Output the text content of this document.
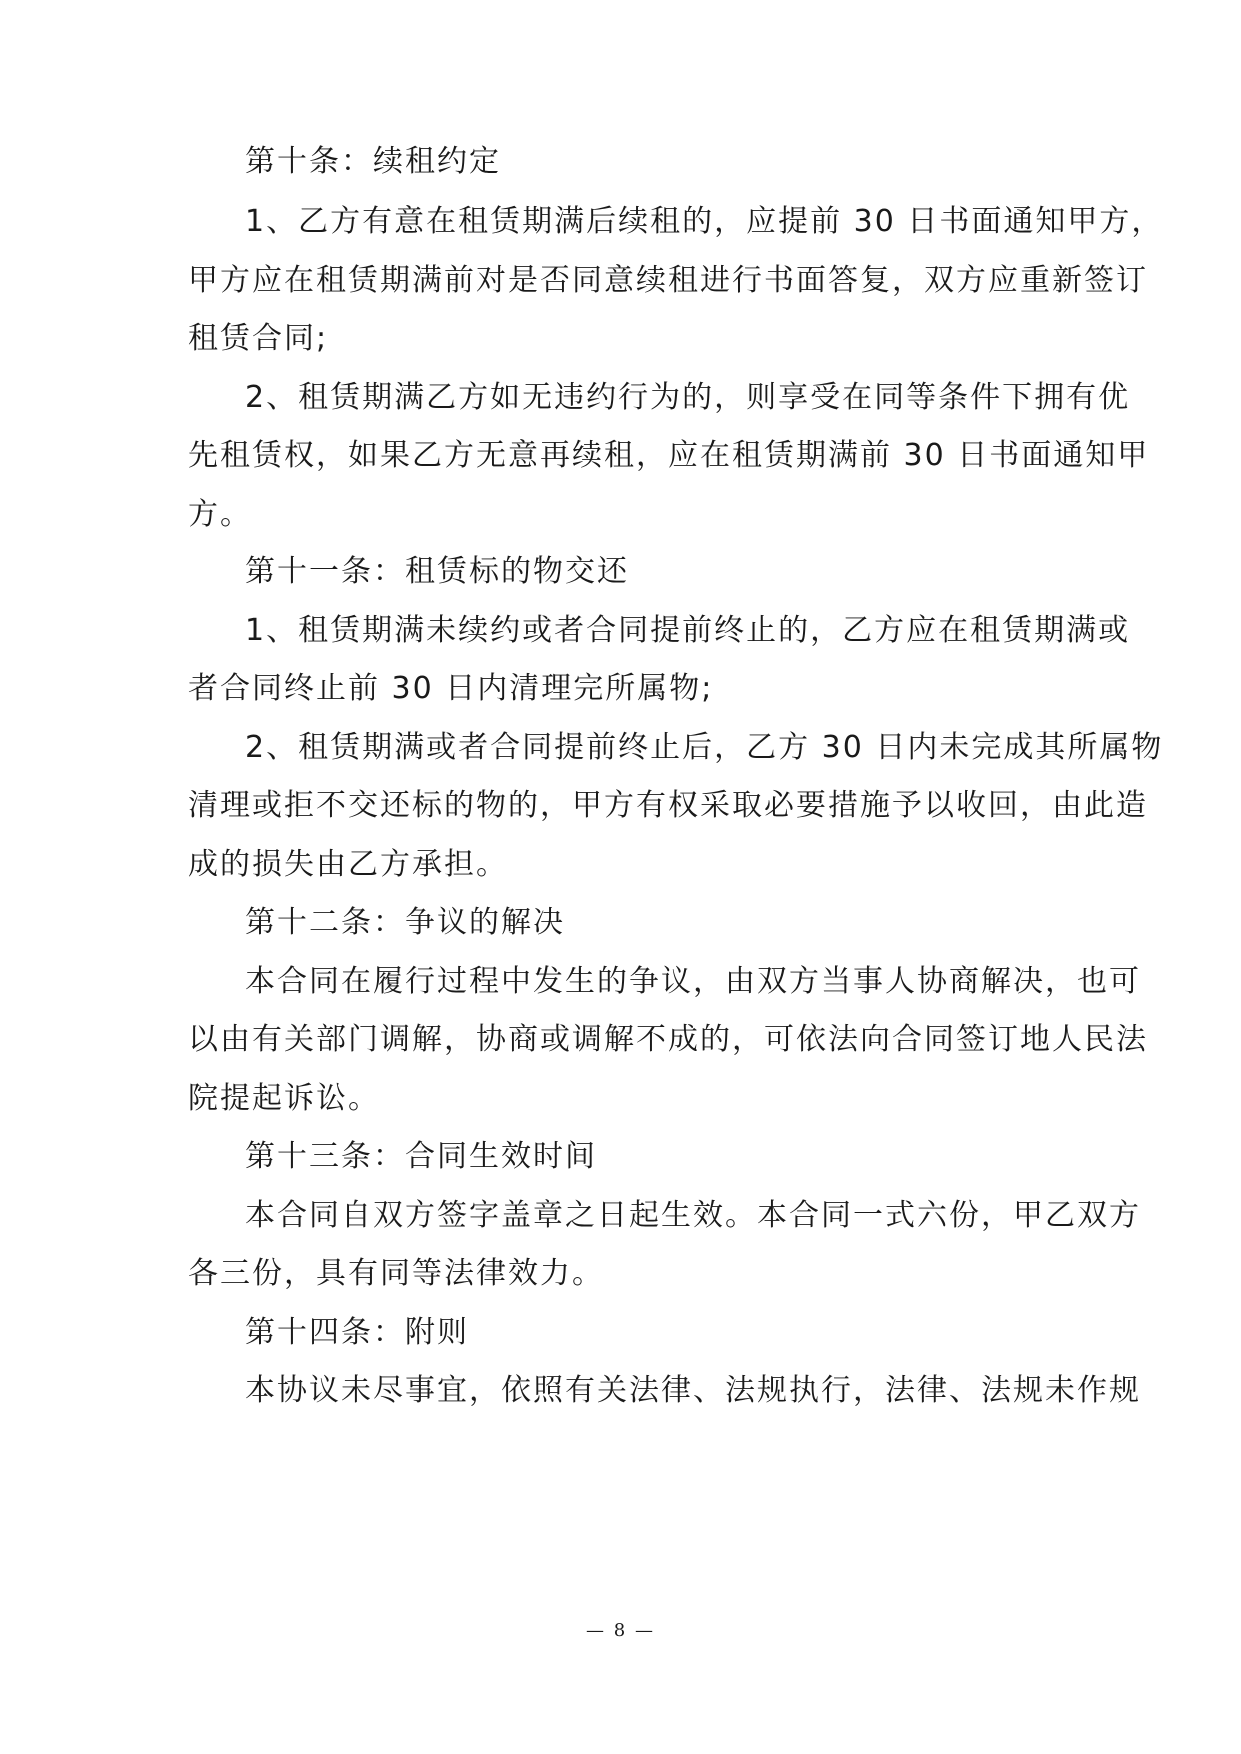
第十条：续租约定
1、乙方有意在租赁期满后续租的，应提前 30 日书面通知甲方，
甲方应在租赁期满前对是否同意续租进行书面答复，双方应重新签订
租赁合同;
2、租赁期满乙方如无违约行为的，则享受在同等条件下拥有优
先租赁权，如果乙方无意再续租，应在租赁期满前 30 日书面通知甲
方。
第十一条：租赁标的物交还
1、租赁期满未续约或者合同提前终止的，乙方应在租赁期满或
者合同终止前 30 日内清理完所属物;
2、租赁期满或者合同提前终止后，乙方 30 日内未完成其所属物
清理或拒不交还标的物的，甲方有权采取必要措施予以收回，由此造
成的损失由乙方承担。
第十二条：争议的解决
本合同在履行过程中发生的争议，由双方当事人协商解决，也可
以由有关部门调解，协商或调解不成的，可依法向合同签订地人民法
院提起诉讼。
第十三条：合同生效时间
本合同自双方签字盖章之日起生效。本合同一式六份，甲乙双方
各三份，具有同等法律效力。
第十四条：附则
本协议未尽事宜，依照有关法律、法规执行，法律、法规未作规
— 8 —
